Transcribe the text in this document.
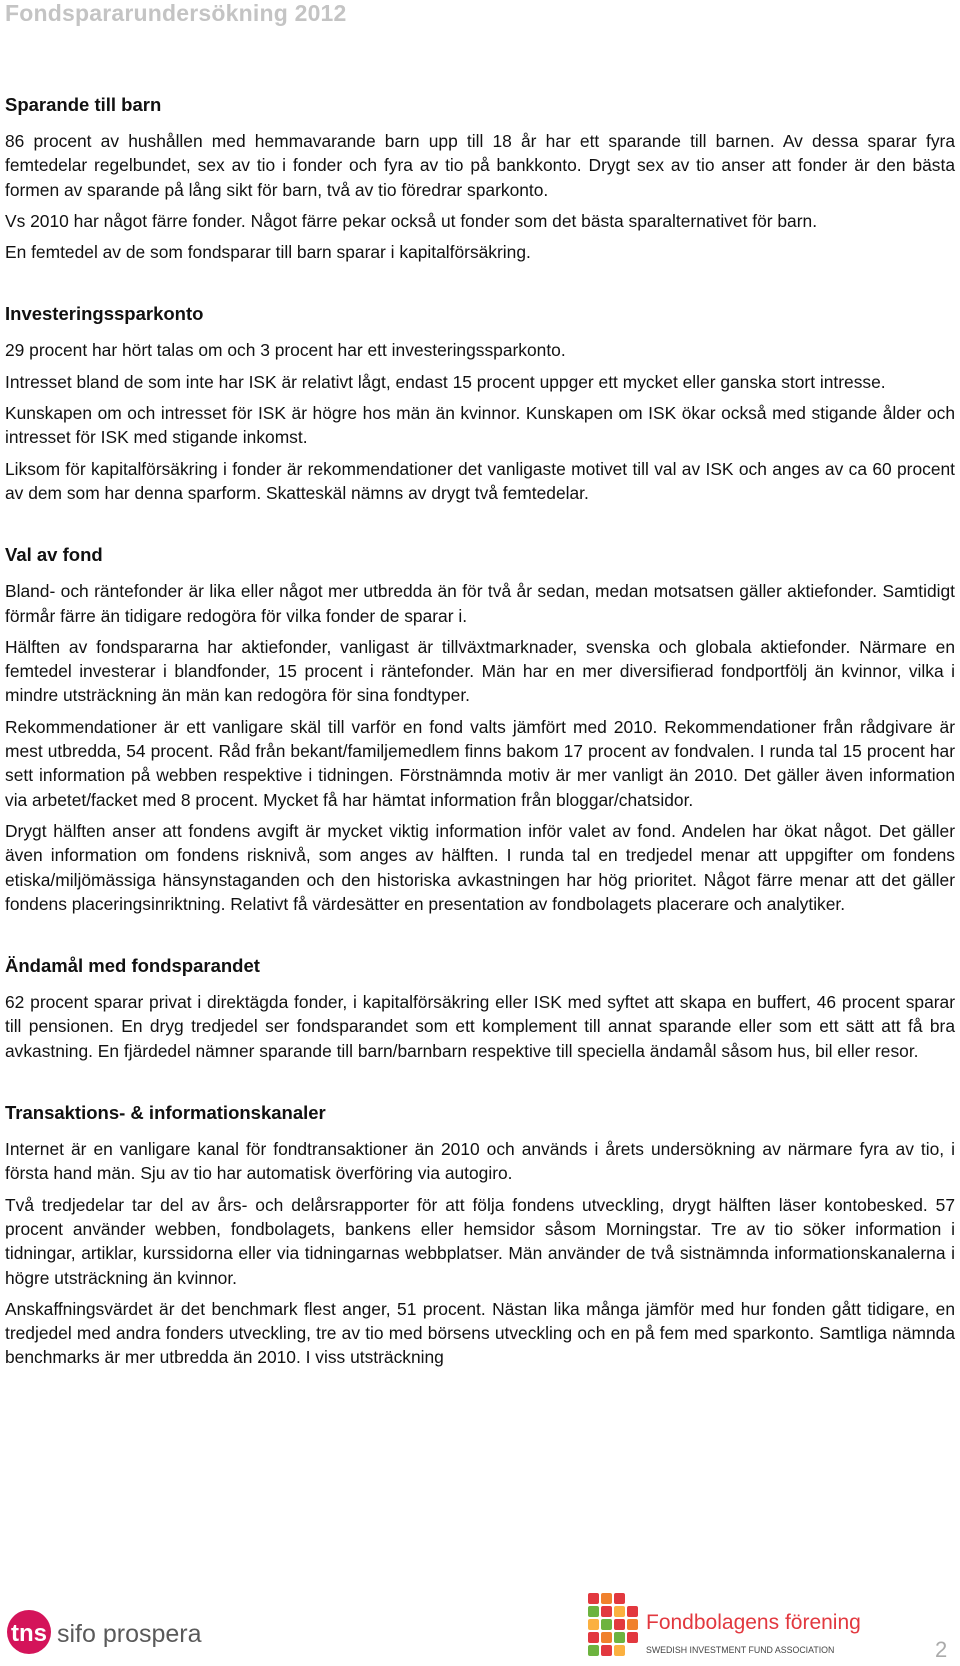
Fondspararundersökning 2012
Sparande till barn

86 procent av hushållen med hemmavarande barn upp till 18 år har ett sparande till barnen. Av dessa sparar fyra femtedelar regelbundet, sex av tio i fonder och fyra av tio på bankkonto. Drygt sex av tio anser att fonder är den bästa formen av sparande på lång sikt för barn, två av tio föredrar sparkonto.

Vs 2010 har något färre fonder. Något färre pekar också ut fonder som det bästa sparalternativet för barn.

En femtedel av de som fondsparar till barn sparar i kapitalförsäkring.

Investeringssparkonto

29 procent har hört talas om och 3 procent har ett investeringssparkonto.

Intresset bland de som inte har ISK är relativt lågt, endast 15 procent uppger ett mycket eller ganska stort intresse.

Kunskapen om och intresset för ISK är högre hos män än kvinnor. Kunskapen om ISK ökar också med stigande ålder och intresset för ISK med stigande inkomst.

Liksom för kapitalförsäkring i fonder är rekommendationer det vanligaste motivet till val av ISK och anges av ca 60 procent av dem som har denna sparform. Skatteskäl nämns av drygt två femtedelar.

Val av fond

Bland- och räntefonder är lika eller något mer utbredda än för två år sedan, medan motsatsen gäller aktiefonder. Samtidigt förmår färre än tidigare redogöra för vilka fonder de sparar i.

Hälften av fondspararna har aktiefonder, vanligast är tillväxtmarknader, svenska och globala aktiefonder. Närmare en femtedel investerar i blandfonder, 15 procent i räntefonder. Män har en mer diversifierad fondportfölj än kvinnor, vilka i mindre utsträckning än män kan redogöra för sina fondtyper.

Rekommendationer är ett vanligare skäl till varför en fond valts jämfört med 2010. Rekommendationer från rådgivare är mest utbredda, 54 procent. Råd från bekant/familjemedlem finns bakom 17 procent av fondvalen. I runda tal 15 procent har sett information på webben respektive i tidningen. Förstnämnda motiv är mer vanligt än 2010. Det gäller även information via arbetet/facket med 8 procent. Mycket få har hämtat information från bloggar/chatsidor.

Drygt hälften anser att fondens avgift är mycket viktig information inför valet av fond. Andelen har ökat något. Det gäller även information om fondens risknivå, som anges av hälften. I runda tal en tredjedel menar att uppgifter om fondens etiska/miljömässiga hänsynstaganden och den historiska avkastningen har hög prioritet. Något färre menar att det gäller fondens placeringsinriktning. Relativt få värdesätter en presentation av fondbolagets placerare och analytiker.

Ändamål med fondsparandet

62 procent sparar privat i direktägda fonder, i kapitalförsäkring eller ISK med syftet att skapa en buffert, 46 procent sparar till pensionen. En dryg tredjedel ser fondsparandet som ett komplement till annat sparande eller som ett sätt att få bra avkastning. En fjärdedel nämner sparande till barn/barnbarn respektive till speciella ändamål såsom hus, bil eller resor.

Transaktions- & informationskanaler

Internet är en vanligare kanal för fondtransaktioner än 2010 och används i årets undersökning av närmare fyra av tio, i första hand män. Sju av tio har automatisk överföring via autogiro.

Två tredjedelar tar del av års- och delårsrapporter för att följa fondens utveckling, drygt hälften läser kontobesked. 57 procent använder webben, fondbolagets, bankens eller hemsidor såsom Morningstar. Tre av tio söker information i tidningar, artiklar, kurssidorna eller via tidningarnas webbplatser. Män använder de två sistnämnda informationskanalerna i högre utsträckning än kvinnor.

Anskaffningsvärdet är det benchmark flest anger, 51 procent. Nästan lika många jämför med hur fonden gått tidigare, en tredjedel med andra fonders utveckling, tre av tio med börsens utveckling och en på fem med sparkonto. Samtliga nämnda benchmarks är mer utbredda än 2010. I viss utsträckning

tns sifo prospera	Fondbolagens förening
SWEDISH INVESTMENT FUND ASSOCIATION	2
